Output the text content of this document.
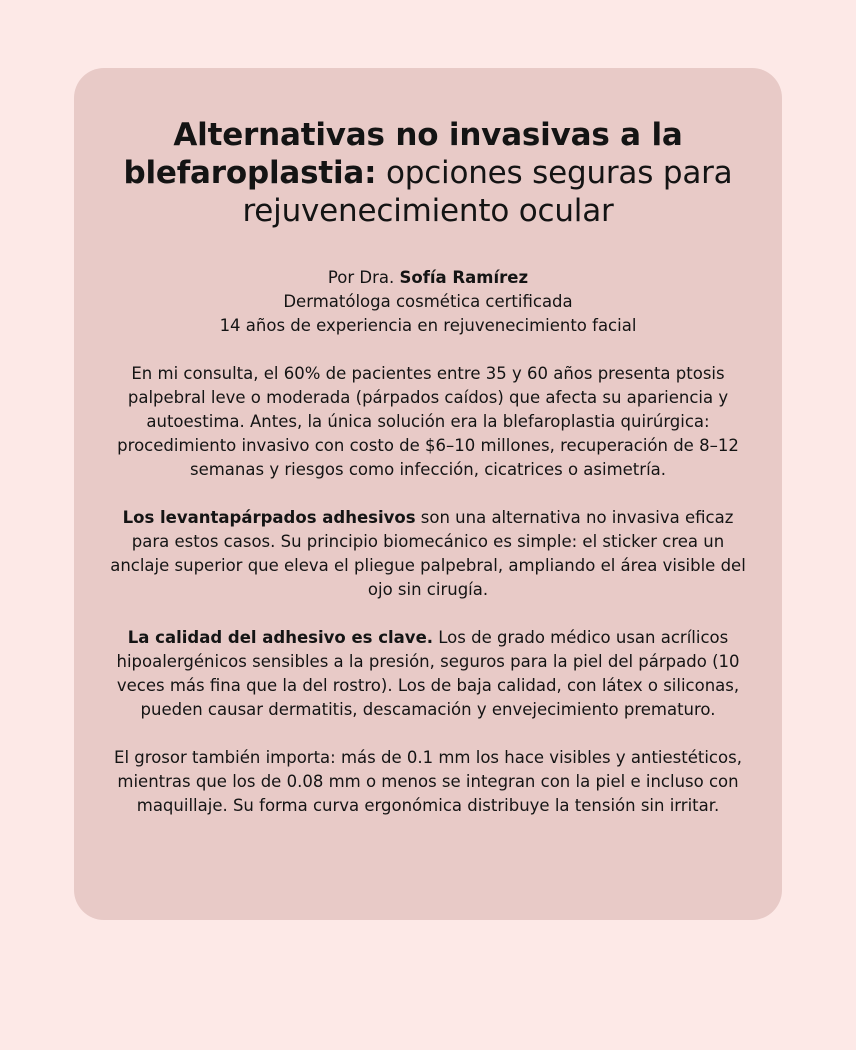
Alternativas no invasivas a la blefaroplastia: opciones seguras para rejuvenecimiento ocular
Por Dra. Sofía Ramírez
Dermatóloga cosmética certificada
14 años de experiencia en rejuvenecimiento facial

En mi consulta, el 60% de pacientes entre 35 y 60 años presenta ptosis palpebral leve o moderada (párpados caídos) que afecta su apariencia y autoestima. Antes, la única solución era la blefaroplastia quirúrgica: procedimiento invasivo con costo de $6–10 millones, recuperación de 8–12 semanas y riesgos como infección, cicatrices o asimetría.

Los levantapárpados adhesivos son una alternativa no invasiva eficaz para estos casos. Su principio biomecánico es simple: el sticker crea un anclaje superior que eleva el pliegue palpebral, ampliando el área visible del ojo sin cirugía.

La calidad del adhesivo es clave. Los de grado médico usan acrílicos hipoalergénicos sensibles a la presión, seguros para la piel del párpado (10 veces más fina que la del rostro). Los de baja calidad, con látex o siliconas, pueden causar dermatitis, descamación y envejecimiento prematuro.

El grosor también importa: más de 0.1 mm los hace visibles y antiestéticos, mientras que los de 0.08 mm o menos se integran con la piel e incluso con maquillaje. Su forma curva ergonómica distribuye la tensión sin irritar.
